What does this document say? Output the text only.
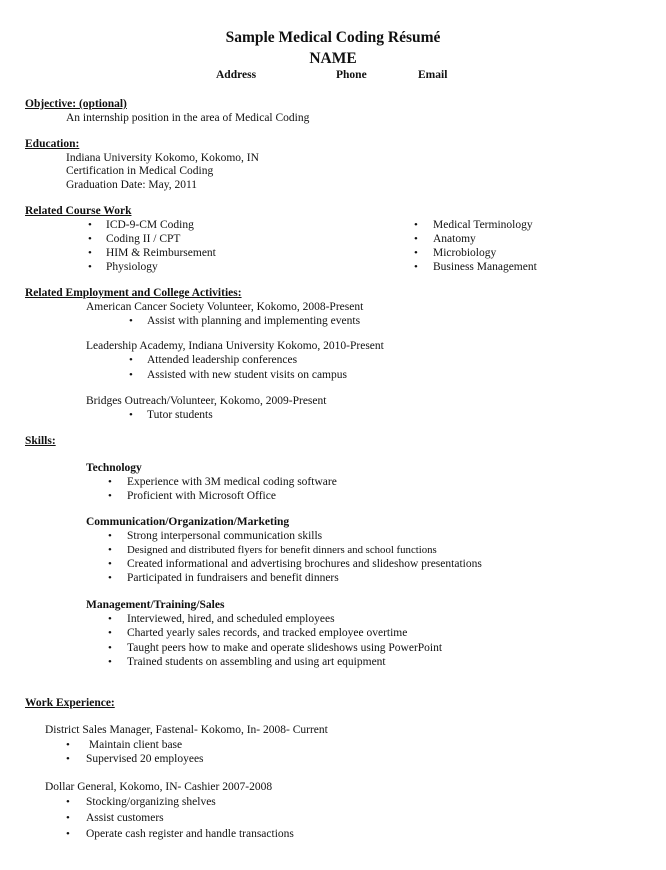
Sample Medical Coding Résumé
NAME
Address	Phone	Email
Objective: (optional)
An internship position in the area of Medical Coding
Education:
Indiana University Kokomo, Kokomo, IN
Certification in Medical Coding
Graduation Date: May, 2011
Related Course Work
• ICD-9-CM Coding
• Coding II / CPT
• HIM & Reimbursement
• Physiology
• Medical Terminology
• Anatomy
• Microbiology
• Business Management
Related Employment and College Activities:
American Cancer Society Volunteer, Kokomo, 2008-Present
• Assist with planning and implementing events
Leadership Academy, Indiana University Kokomo, 2010-Present
• Attended leadership conferences
• Assisted with new student visits on campus
Bridges Outreach/Volunteer, Kokomo, 2009-Present
• Tutor students
Skills:
Technology
• Experience with 3M medical coding software
• Proficient with Microsoft Office
Communication/Organization/Marketing
• Strong interpersonal communication skills
• Designed and distributed flyers for benefit dinners and school functions
• Created informational and advertising brochures and slideshow presentations
• Participated in fundraisers and benefit dinners
Management/Training/Sales
• Interviewed, hired, and scheduled employees
• Charted yearly sales records, and tracked employee overtime
• Taught peers how to make and operate slideshows using PowerPoint
• Trained students on assembling and using art equipment
Work Experience:
District Sales Manager, Fastenal- Kokomo, In- 2008- Current
• Maintain client base
• Supervised 20 employees
Dollar General, Kokomo, IN- Cashier 2007-2008
• Stocking/organizing shelves
• Assist customers
• Operate cash register and handle transactions
